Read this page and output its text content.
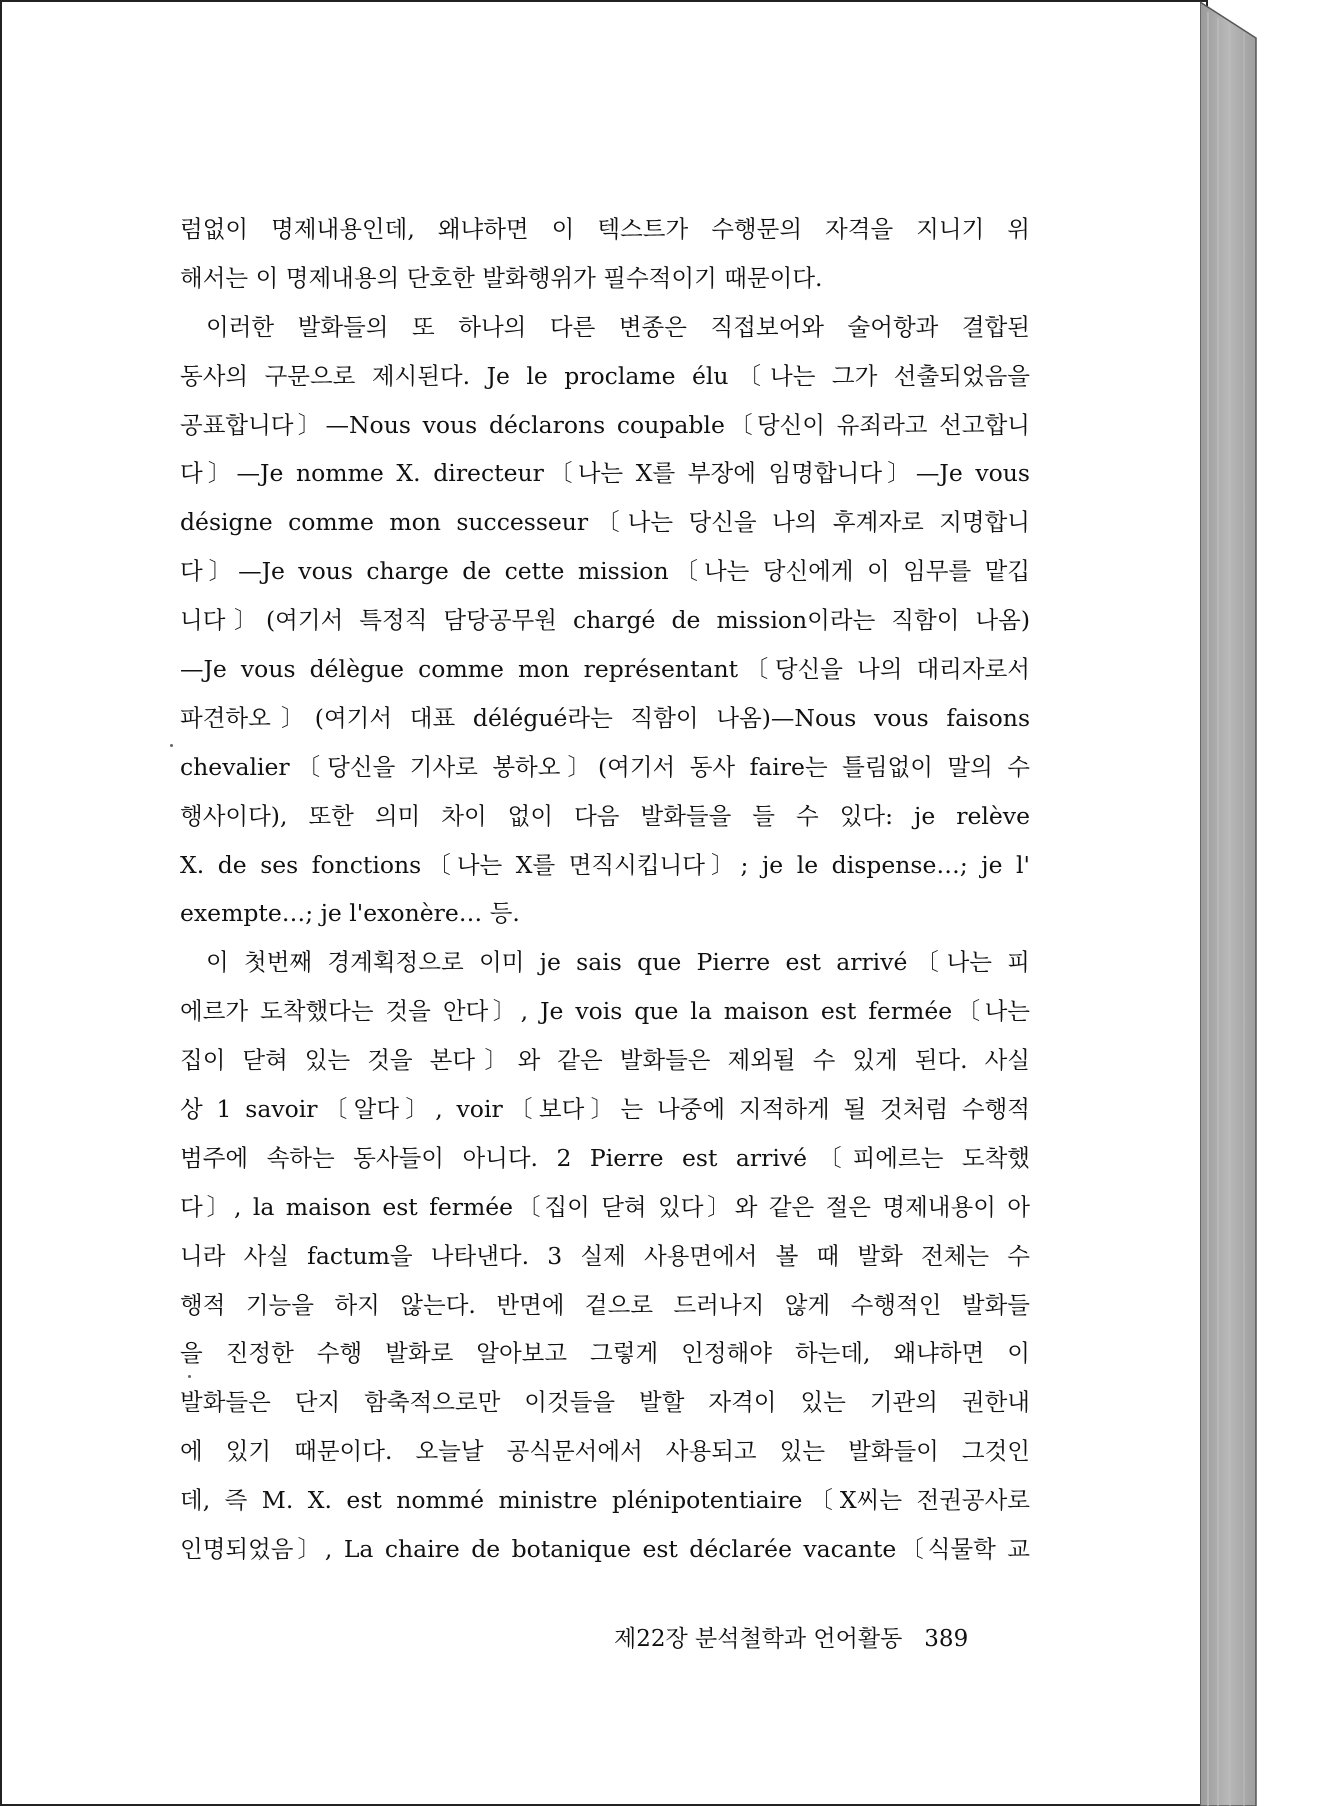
럼없이 명제내용인데, 왜냐하면 이 텍스트가 수행문의 자격을 지니기 위
해서는 이 명제내용의 단호한 발화행위가 필수적이기 때문이다.
이러한 발화들의 또 하나의 다른 변종은 직접보어와 술어항과 결합된
동사의 구문으로 제시된다. Je le proclame élu〔나는 그가 선출되었음을
공표합니다〕—Nous vous déclarons coupable〔당신이 유죄라고 선고합니
다〕—Je nomme X. directeur〔나는 X를 부장에 임명합니다〕—Je vous
désigne comme mon successeur〔나는 당신을 나의 후계자로 지명합니
다〕—Je vous charge de cette mission〔나는 당신에게 이 임무를 맡깁
니다〕(여기서 특정직 담당공무원 chargé de mission이라는 직함이 나옴)
—Je vous délègue comme mon représentant〔당신을 나의 대리자로서
파견하오〕(여기서 대표 délégué라는 직함이 나옴)—Nous vous faisons
chevalier〔당신을 기사로 봉하오〕(여기서 동사 faire는 틀림없이 말의 수
행사이다), 또한 의미 차이 없이 다음 발화들을 들 수 있다: je relève
X. de ses fonctions〔나는 X를 면직시킵니다〕; je le dispense…; je l'
exempte…; je l'exonère… 등.
이 첫번째 경계획정으로 이미 je sais que Pierre est arrivé〔나는 피
에르가 도착했다는 것을 안다〕, Je vois que la maison est fermée〔나는
집이 닫혀 있는 것을 본다〕와 같은 발화들은 제외될 수 있게 된다. 사실
상 1 savoir〔알다〕, voir〔보다〕는 나중에 지적하게 될 것처럼 수행적
범주에 속하는 동사들이 아니다. 2 Pierre est arrivé〔피에르는 도착했
다〕, la maison est fermée〔집이 닫혀 있다〕와 같은 절은 명제내용이 아
니라 사실 factum을 나타낸다. 3 실제 사용면에서 볼 때 발화 전체는 수
행적 기능을 하지 않는다. 반면에 겉으로 드러나지 않게 수행적인 발화들
을 진정한 수행 발화로 알아보고 그렇게 인정해야 하는데, 왜냐하면 이
발화들은 단지 함축적으로만 이것들을 발할 자격이 있는 기관의 권한내
에 있기 때문이다. 오늘날 공식문서에서 사용되고 있는 발화들이 그것인
데, 즉 M. X. est nommé ministre plénipotentiaire〔X씨는 전권공사로
인명되었음〕, La chaire de botanique est déclarée vacante〔식물학 교
제22장 분석철학과 언어활동 389
